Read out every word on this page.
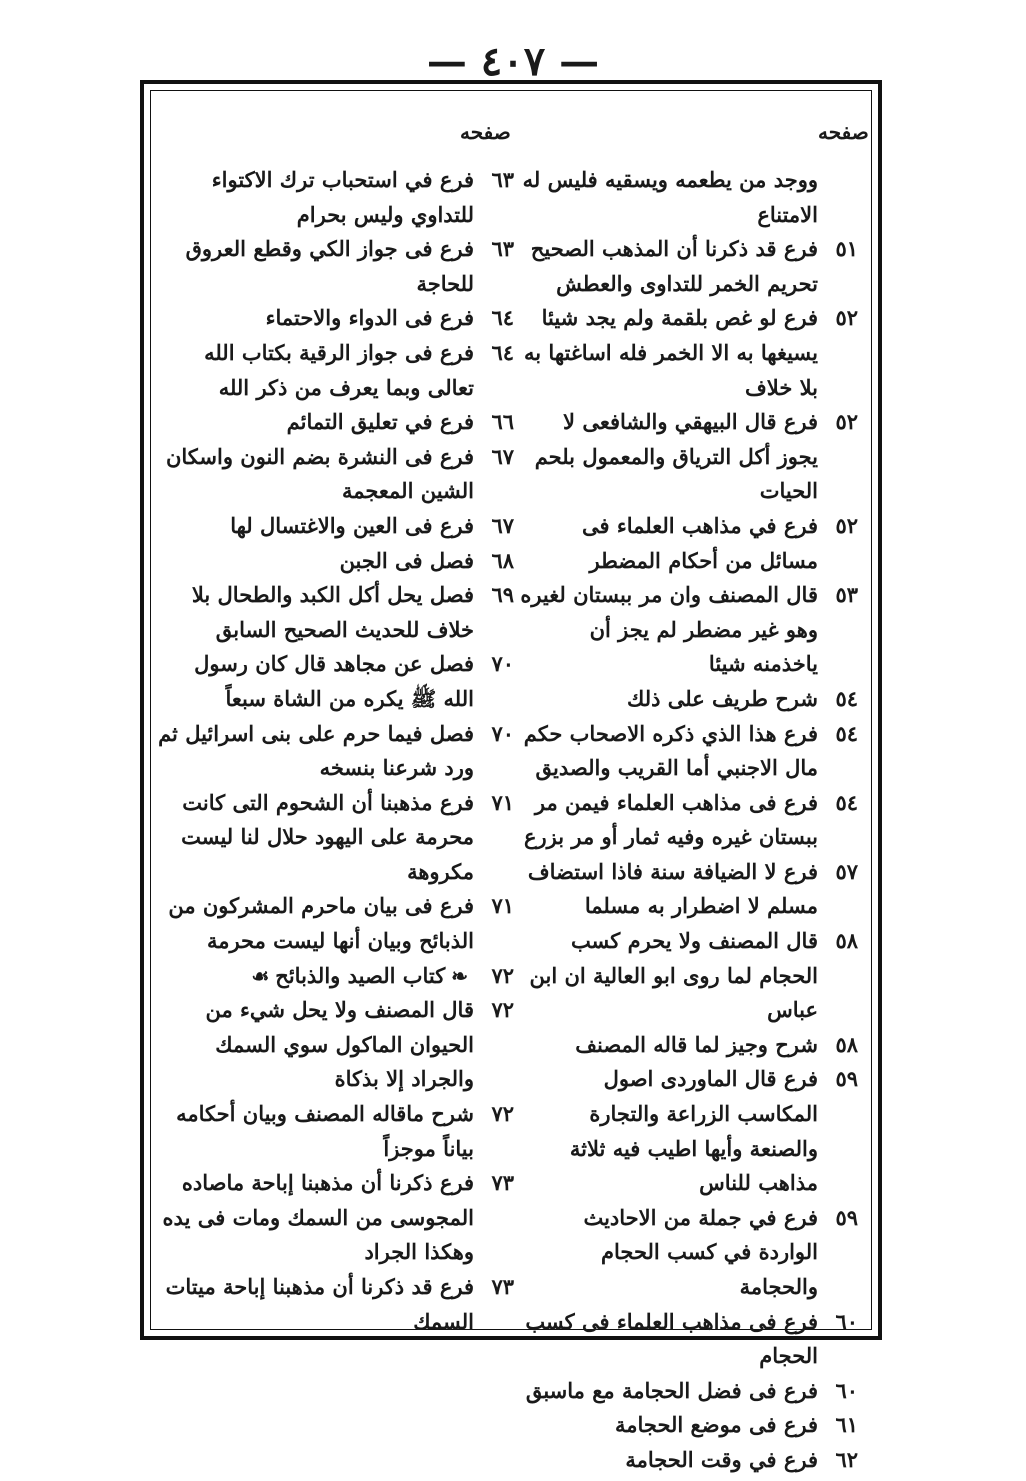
— ٤٠٧ —
صفحه
صفحه
ووجد من يطعمه ويسقيه فليس له الامتناع
٥١
فرع قد ذكرنا أن المذهب الصحيح تحريم الخمر للتداوى والعطش
٥٢
فرع لو غص بلقمة ولم يجد شيئا يسيغها به الا الخمر فله اساغتها به بلا خلاف
٥٢
فرع قال البيهقي والشافعى لا يجوز أكل الترياق والمعمول بلحم الحيات
٥٢
فرع في مذاهب العلماء فى مسائل من أحكام المضطر
٥٣
قال المصنف وان مر ببستان لغيره وهو غير مضطر لم يجز أن ياخذمنه شيئا
٥٤
شرح طريف على ذلك
٥٤
فرع هذا الذي ذكره الاصحاب حكم مال الاجنبي أما القريب والصديق
٥٤
فرع فى مذاهب العلماء فيمن مر ببستان غيره وفيه ثمار أو مر بزرع
٥٧
فرع لا الضيافة سنة فاذا استضاف مسلم لا اضطرار به مسلما
٥٨
قال المصنف ولا يحرم كسب الحجام لما روى ابو العالية ان ابن عباس
٥٨
شرح وجيز لما قاله المصنف
٥٩
فرع قال الماوردى اصول المكاسب الزراعة والتجارة والصنعة وأيها اطيب فيه ثلاثة مذاهب للناس
٥٩
فرع في جملة من الاحاديث الواردة في كسب الحجام والحجامة
٦٠
فرع فى مذاهب العلماء فى كسب الحجام
٦٠
فرع فى فضل الحجامة مع ماسبق
٦١
فرع فى موضع الحجامة
٦٢
فرع في وقت الحجامة
٦٣
فرع في استحباب ترك الاكتواء للتداوي وليس بحرام
٦٣
فرع فى جواز الكي وقطع العروق للحاجة
٦٤
فرع فى الدواء والاحتماء
٦٤
فرع فى جواز الرقية بكتاب الله تعالى وبما يعرف من ذكر الله
٦٦
فرع في تعليق التمائم
٦٧
فرع فى النشرة بضم النون واسكان الشين المعجمة
٦٧
فرع فى العين والاغتسال لها
٦٨
فصل فى الجبن
٦٩
فصل يحل أكل الكبد والطحال بلا خلاف للحديث الصحيح السابق
٧٠
فصل عن مجاهد قال كان رسول الله ﷺ يكره من الشاة سبعاً
٧٠
فصل فيما حرم على بنى اسرائيل ثم ورد شرعنا بنسخه
٧١
فرع مذهبنا أن الشحوم التى كانت محرمة على اليهود حلال لنا ليست مكروهة
٧١
فرع فى بيان ماحرم المشركون من الذبائح وبيان أنها ليست محرمة
٧٢
❧كتاب الصيد والذبائح☙
٧٢
قال المصنف ولا يحل شيء من الحيوان الماكول سوي السمك والجراد إلا بذكاة
٧٢
شرح ماقاله المصنف وبيان أحكامه بياناً موجزاً
٧٣
فرع ذكرنا أن مذهبنا إباحة ماصاده المجوسى من السمك ومات فى يده وهكذا الجراد
٧٣
فرع قد ذكرنا أن مذهبنا إباحة ميتات السمك
